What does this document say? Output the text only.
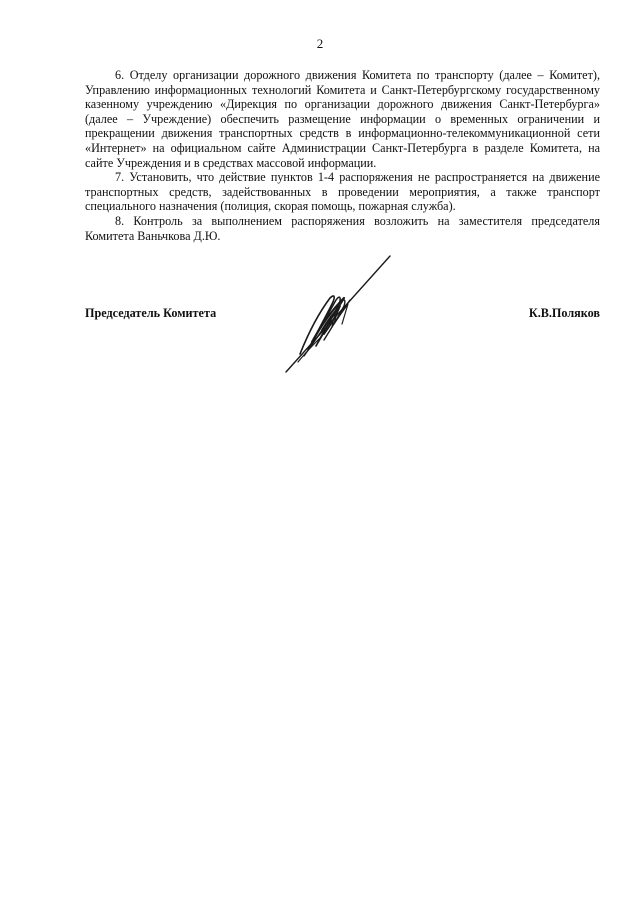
2

6. Отделу организации дорожного движения Комитета по транспорту (далее – Комитет), Управлению информационных технологий Комитета и Санкт-Петербургскому государственному казенному учреждению «Дирекция по организации дорожного движения Санкт-Петербурга» (далее – Учреждение) обеспечить размещение информации о временных ограничении и прекращении движения транспортных средств в информационно-телекоммуникационной сети «Интернет» на официальном сайте Администрации Санкт-Петербурга в разделе Комитета, на сайте Учреждения и в средствах массовой информации.

7. Установить, что действие пунктов 1-4 распоряжения не распространяется на движение транспортных средств, задействованных в проведении мероприятия, а также транспорт специального назначения (полиция, скорая помощь, пожарная служба).

8. Контроль за выполнением распоряжения возложить на заместителя председателя Комитета Ваньчкова Д.Ю.

Председатель Комитета	К.В.Поляков
